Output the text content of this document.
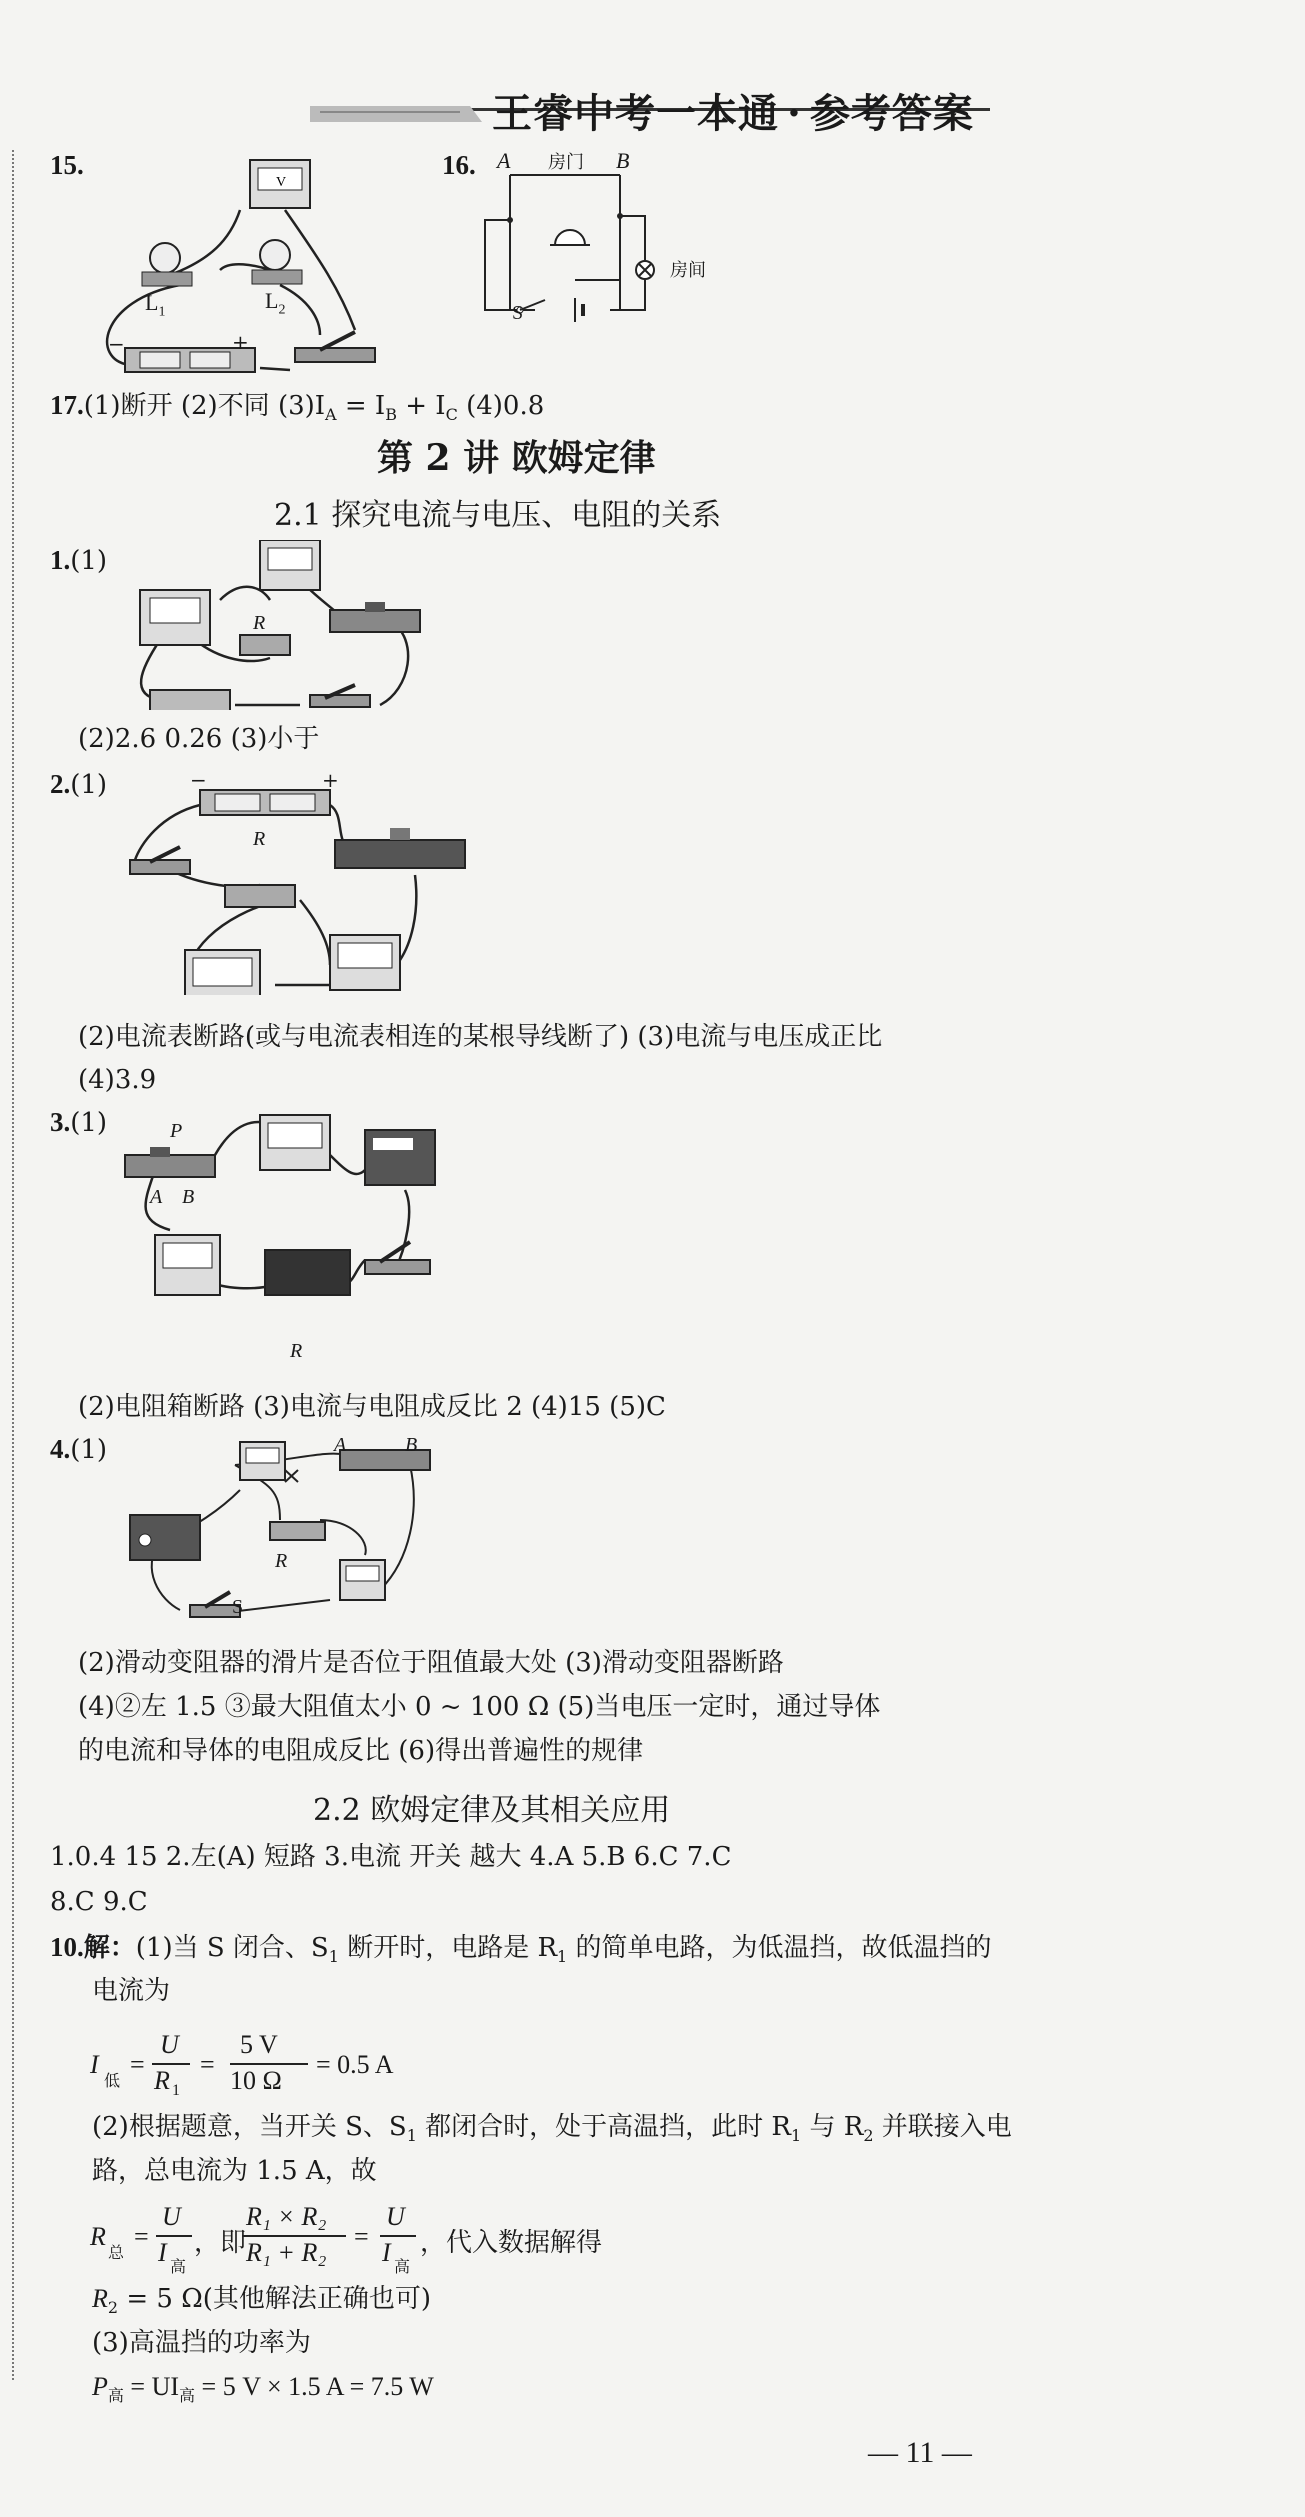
王睿中考一本通 · 参考答案
15.
V
$L_1$	$L_2$
−	+
16. A 房门 B
房间
S
17.(1)断开 (2)不同 $(3)I_A = I_B + I_C$ (4)0.8
第 2 讲 欧姆定律
2.1 探究电流与电压、电阻的关系
1.(1)
R
(2)2.6 0.26 (3)小于
2.(1)	−	+
R
(2)电流表断路(或与电流表相连的某根导线断了) (3)电流与电压成正比
(4)3.9
3.(1)	P
A B
R
(2)电阻箱断路 (3)电流与电阻成反比 2 (4)15 (5)C
4.(1)	A	B
R
S
(2)滑动变阻器的滑片是否位于阻值最大处 (3)滑动变阻器断路
(4)②左 1.5 ③最大阻值太小 0 ~ 100 Ω (5)当电压一定时，通过导体
的电流和导体的电阻成反比 (6)得出普遍性的规律
2.2 欧姆定律及其相关应用
1.0.4 15 2.左(A) 短路 3.电流 开关 越大 4.A 5.B 6.C 7.C
8.C 9.C
10.解：(1)当 S 闭合、$S_1$ 断开时，电路是 $R_1$ 的简单电路，为低温挡，故低温挡的
电流为
I
低
=
U
R 1
=
5 V
10 Ω
= 0.5 A
(2)根据题意，当开关 S、$S_1$ 都闭合时，处于高温挡，此时 $R_1$ 与 $R_2$ 并联接入电
路，总电流为 1.5 A，故
R
总
=
U
I
高
，即
R₁ × R₂
R₁ + R₂
=
U
I
高
，代入数据解得
$R_2 = 5$ Ω(其他解法正确也可)
(3)高温挡的功率为
$P_高 = UI_高 = 5$ V × 1.5 A = 7.5 W
— 11 —
